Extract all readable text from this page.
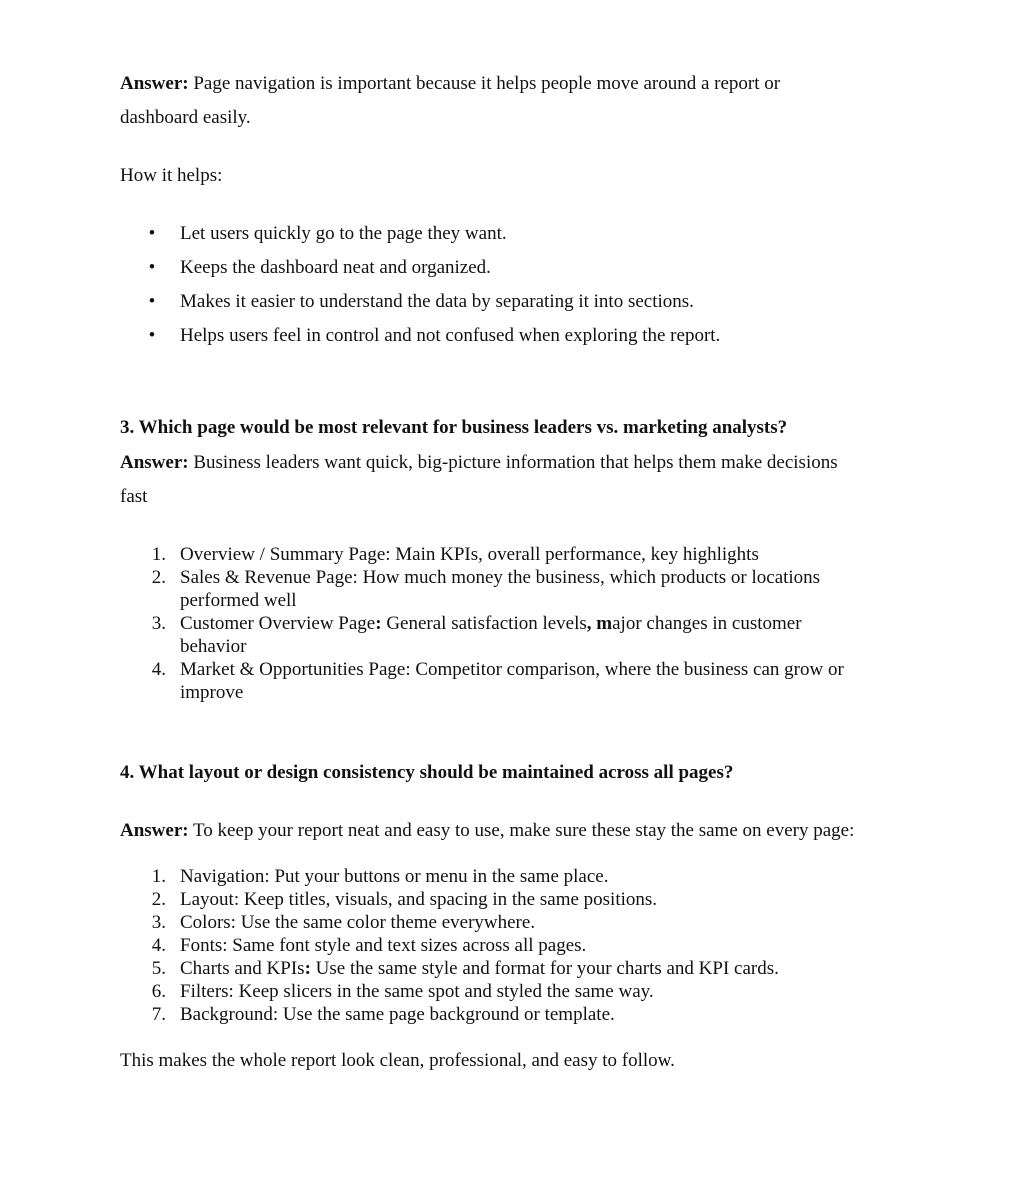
Answer: Page navigation is important because it helps people move around a report or
dashboard easily.
How it helps:
• Let users quickly go to the page they want.
• Keeps the dashboard neat and organized.
• Makes it easier to understand the data by separating it into sections.
• Helps users feel in control and not confused when exploring the report.
3. Which page would be most relevant for business leaders vs. marketing analysts?
Answer: Business leaders want quick, big-picture information that helps them make decisions
fast
1. Overview / Summary Page: Main KPIs, overall performance, key highlights
2. Sales & Revenue Page: How much money the business, which products or locations
performed well
3. Customer Overview Page: General satisfaction levels, major changes in customer
behavior
4. Market & Opportunities Page: Competitor comparison, where the business can grow or
improve
4. What layout or design consistency should be maintained across all pages?
Answer: To keep your report neat and easy to use, make sure these stay the same on every page:
1. Navigation: Put your buttons or menu in the same place.
2. Layout: Keep titles, visuals, and spacing in the same positions.
3. Colors: Use the same color theme everywhere.
4. Fonts: Same font style and text sizes across all pages.
5. Charts and KPIs: Use the same style and format for your charts and KPI cards.
6. Filters: Keep slicers in the same spot and styled the same way.
7. Background: Use the same page background or template.
This makes the whole report look clean, professional, and easy to follow.
